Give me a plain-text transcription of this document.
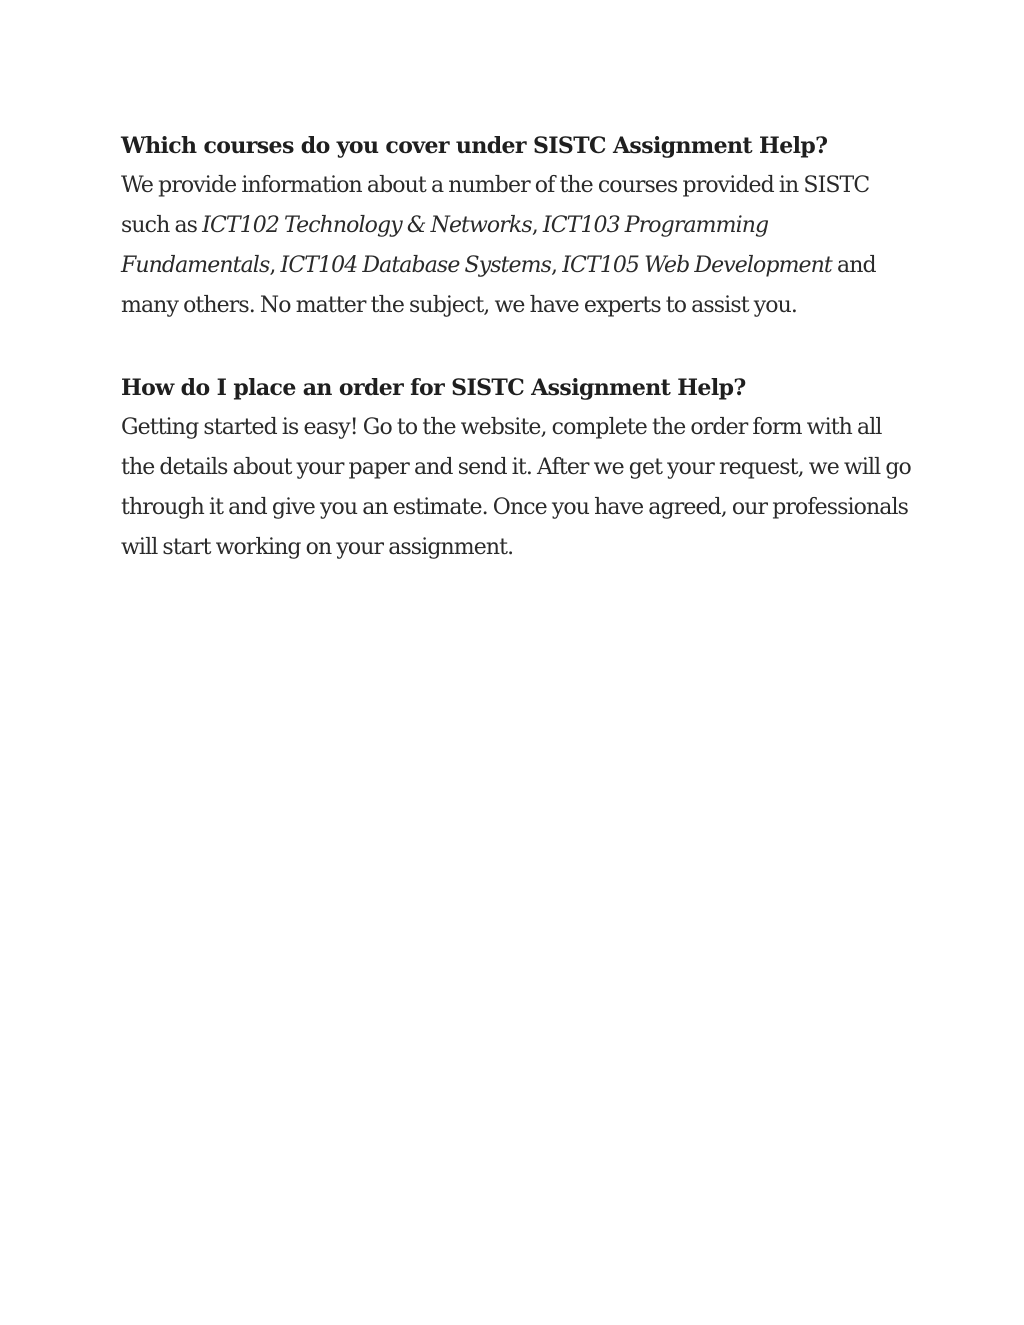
Which courses do you cover under SISTC Assignment Help?

We provide information about a number of the courses provided in SISTC such as ICT102 Technology & Networks, ICT103 Programming Fundamentals, ICT104 Database Systems, ICT105 Web Development and many others. No matter the subject, we have experts to assist you.

How do I place an order for SISTC Assignment Help?

Getting started is easy! Go to the website, complete the order form with all the details about your paper and send it. After we get your request, we will go through it and give you an estimate. Once you have agreed, our professionals will start working on your assignment.
